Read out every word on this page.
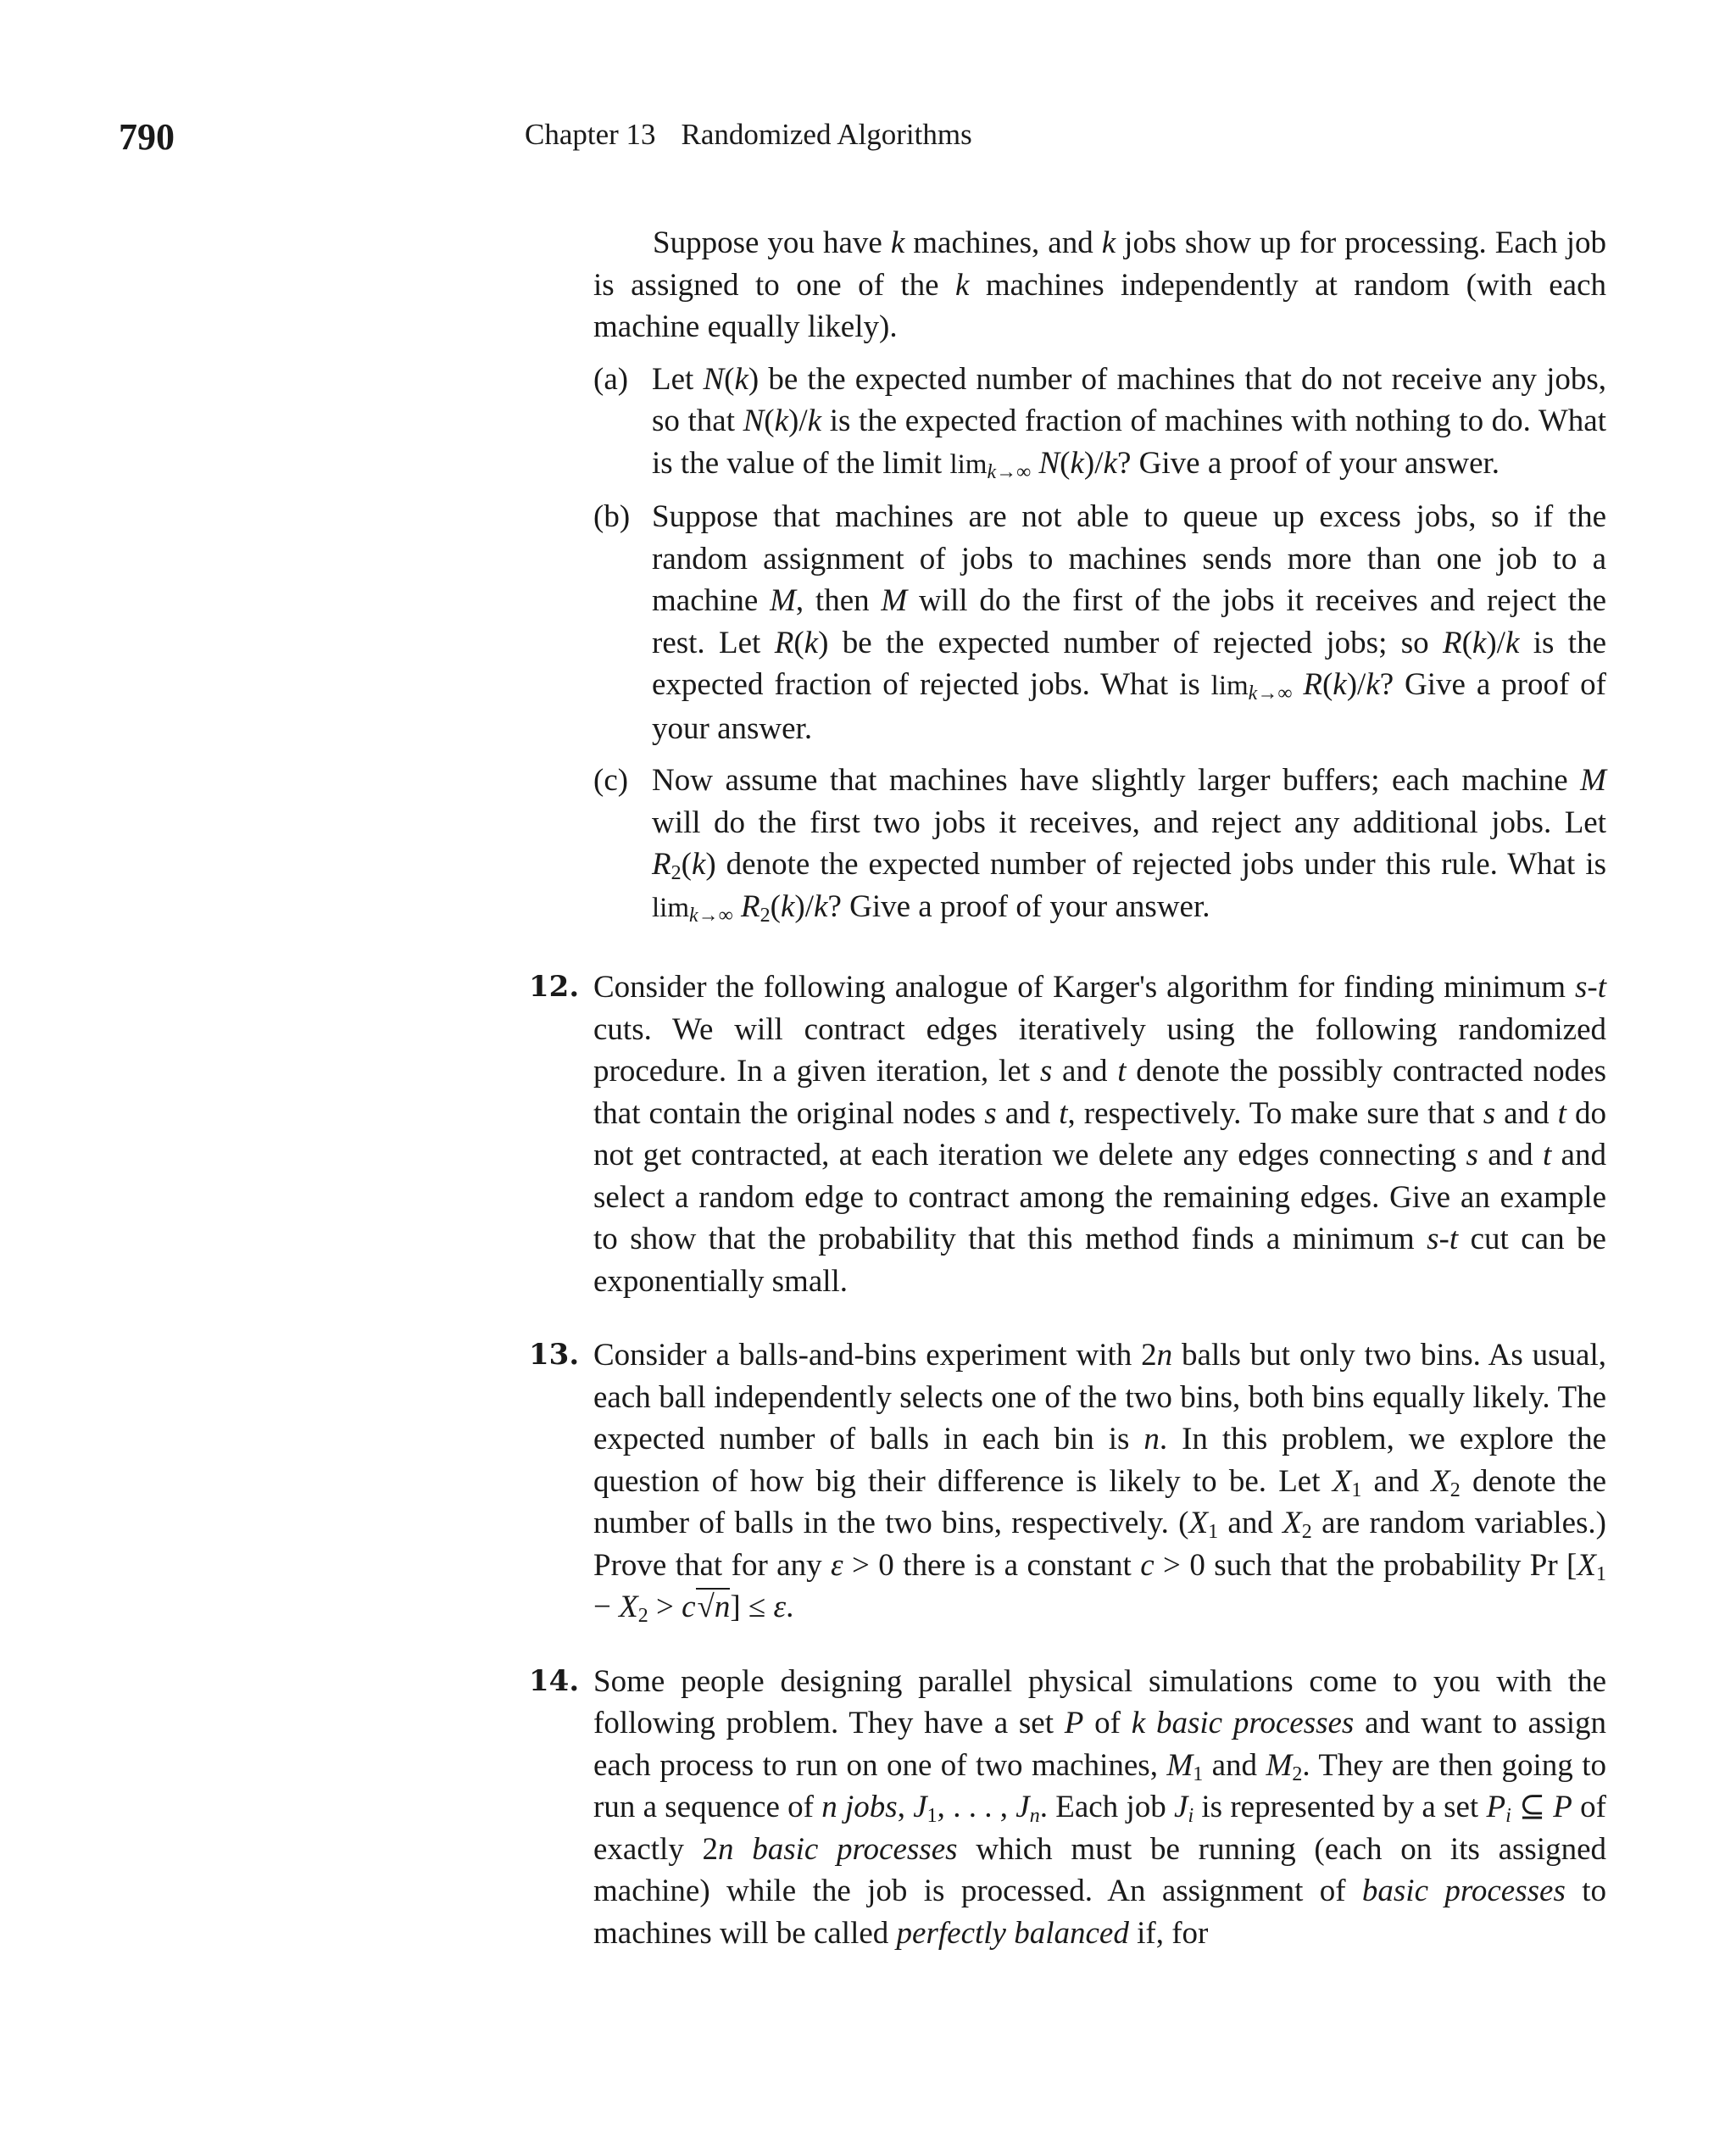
790	Chapter 13 Randomized Algorithms

Suppose you have k machines, and k jobs show up for processing. Each job is assigned to one of the k machines independently at random (with each machine equally likely).

(a) Let N(k) be the expected number of machines that do not receive any jobs, so that N(k)/k is the expected fraction of machines with nothing to do. What is the value of the limit $\lim_{k\to\infty} N(k)/k$? Give a proof of your answer.

(b) Suppose that machines are not able to queue up excess jobs, so if the random assignment of jobs to machines sends more than one job to a machine M, then M will do the first of the jobs it receives and reject the rest. Let R(k) be the expected number of rejected jobs; so R(k)/k is the expected fraction of rejected jobs. What is $\lim_{k\to\infty} R(k)/k$? Give a proof of your answer.

(c) Now assume that machines have slightly larger buffers; each machine M will do the first two jobs it receives, and reject any additional jobs. Let $R_2(k)$ denote the expected number of rejected jobs under this rule. What is $\lim_{k\to\infty} R_2(k)/k$? Give a proof of your answer.

12. Consider the following analogue of Karger's algorithm for finding minimum s-t cuts. We will contract edges iteratively using the following randomized procedure. In a given iteration, let s and t denote the possibly contracted nodes that contain the original nodes s and t, respectively. To make sure that s and t do not get contracted, at each iteration we delete any edges connecting s and t and select a random edge to contract among the remaining edges. Give an example to show that the probability that this method finds a minimum s-t cut can be exponentially small.

13. Consider a balls-and-bins experiment with 2n balls but only two bins. As usual, each ball independently selects one of the two bins, both bins equally likely. The expected number of balls in each bin is n. In this problem, we explore the question of how big their difference is likely to be. Let $X_1$ and $X_2$ denote the number of balls in the two bins, respectively. ($X_1$ and $X_2$ are random variables.) Prove that for any ε > 0 there is a constant c > 0 such that the probability Pr $[X_1 - X_2 > c√n] \le \varepsilon$.

14. Some people designing parallel physical simulations come to you with the following problem. They have a set P of k basic processes and want to assign each process to run on one of two machines, $M_1$ and $M_2$. They are then going to run a sequence of n jobs, $J_1$, . . . , $J_n$. Each job $J_i$ is represented by a set $P_i$ ⊆ P of exactly 2n basic processes which must be running (each on its assigned machine) while the job is processed. An assignment of basic processes to machines will be called perfectly balanced if, for
